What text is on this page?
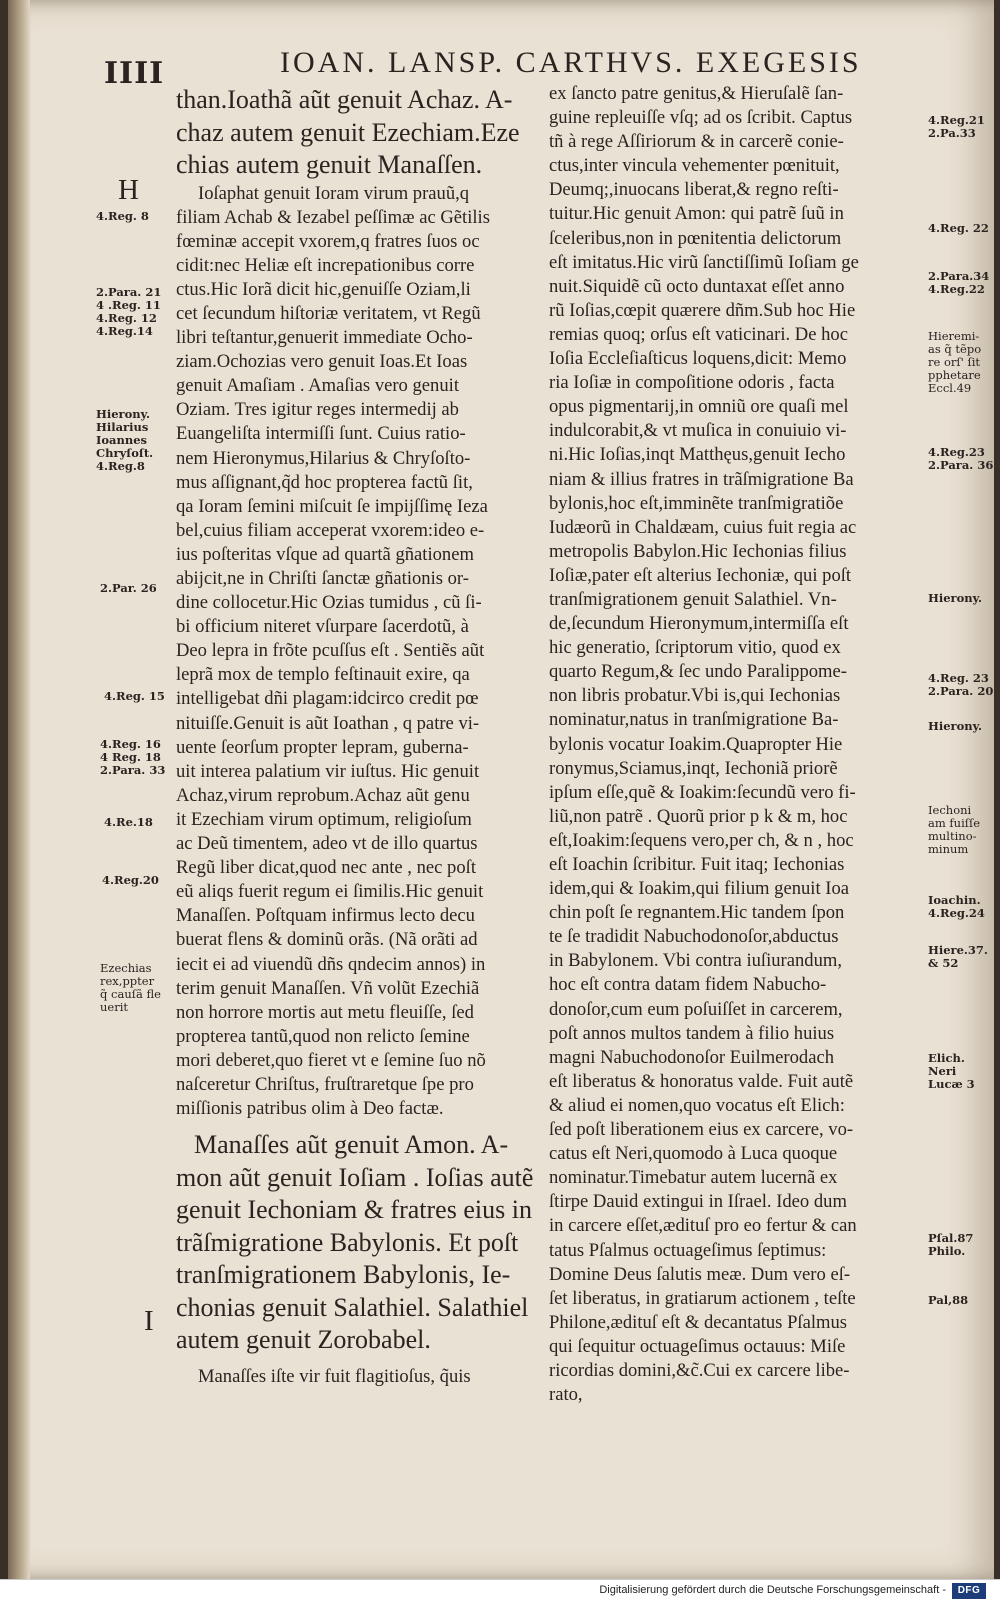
IIII	IOAN. LANSP. CARTHVS. EXEGESIS
H
I
than.Ioathã aũt genuit Achaz. A-
chaz autem genuit Ezechiam.Eze
chias autem genuit Manaſſen.
Ioſaphat genuit Ioram virum prauũ,q
filiam Achab & Iezabel peſſimæ ac Gẽtilis
fœminæ accepit vxorem,q fratres ſuos oc
cidit:nec Heliæ eſt increpationibus corre
ctus.Hic Iorã dicit hic,genuiſſe Oziam,li
cet ſecundum hiſtoriæ veritatem, vt Regũ
libri teſtantur,genuerit immediate Ocho-
ziam.Ochozias vero genuit Ioas.Et Ioas
genuit Amaſiam . Amaſias vero genuit
Oziam. Tres igitur reges intermedij ab
Euangeliſta intermiſſi ſunt. Cuius ratio-
nem Hieronymus,Hilarius & Chryſoſto-
mus aſſignant,q̃d hoc propterea factũ ſit,
qa Ioram ſemini miſcuit ſe impijſſimę Ieza
bel,cuius filiam acceperat vxorem:ideo e-
ius poſteritas vſque ad quartã gñationem
abijcit,ne in Chriſti ſanctæ gñationis or-
dine collocetur.Hic Ozias tumidus , cũ ſi-
bi officium niteret vſurpare ſacerdotũ, à
Deo lepra in frõte pcuſſus eſt . Sentiẽs aũt
leprã mox de templo feſtinauit exire, qa
intelligebat dñi plagam:idcirco credit pœ
nituiſſe.Genuit is aũt Ioathan , q patre vi-
uente ſeorſum propter lepram, guberna-
uit interea palatium vir iuſtus. Hic genuit
Achaz,virum reprobum.Achaz aũt genu
it Ezechiam virum optimum, religioſum
ac Deũ timentem, adeo vt de illo quartus
Regũ liber dicat,quod nec ante , nec poſt
eũ aliqs fuerit regum ei ſimilis.Hic genuit
Manaſſen. Poſtquam infirmus lecto decu
buerat flens & dominũ orãs. (Nã orãti ad
iecit ei ad viuendũ dñs qndecim annos) in
terim genuit Manaſſen. Vñ volũt Ezechiã
non horrore mortis aut metu fleuiſſe, ſed
propterea tantũ,quod non relicto ſemine
mori deberet,quo fieret vt e ſemine ſuo nõ
naſceretur Chriſtus, fruſtraretque ſpe pro
miſſionis patribus olim à Deo factæ.
Manaſſes aũt genuit Amon. A-
mon aũt genuit Ioſiam . Ioſias autẽ
genuit Iechoniam & fratres eius in
trãſmigratione Babylonis. Et poſt
tranſmigrationem Babylonis, Ie-
chonias genuit Salathiel. Salathiel
autem genuit Zorobabel.
Manaſſes iſte vir fuit flagitioſus, q̃uis
ex ſancto patre genitus,& Hieruſalẽ ſan-
guine repleuiſſe vſq; ad os ſcribit. Captus
tñ à rege Aſſiriorum & in carcerẽ conie-
ctus,inter vincula vehementer pœnituit,
Deumq;,inuocans liberat,& regno reſti-
tuitur.Hic genuit Amon: qui patrẽ ſuũ in
ſceleribus,non in pœnitentia delictorum
eſt imitatus.Hic virũ ſanctiſſimũ Ioſiam ge
nuit.Siquidẽ cũ octo duntaxat eſſet anno
rũ Ioſias,cœpit quærere dñm.Sub hoc Hie
remias quoq; orſus eſt vaticinari. De hoc
Ioſia Eccleſiaſticus loquens,dicit: Memo
ria Ioſiæ in compoſitione odoris , facta
opus pigmentarij,in omniũ ore quaſi mel
indulcorabit,& vt muſica in conuiuio vi-
ni.Hic Ioſias,inqt Matthęus,genuit Iecho
niam & illius fratres in trãſmigratione Ba
bylonis,hoc eſt,imminẽte tranſmigratiõe
Iudæorũ in Chaldæam, cuius fuit regia ac
metropolis Babylon.Hic Iechonias filius
Ioſiæ,pater eſt alterius Iechoniæ, qui poſt
tranſmigrationem genuit Salathiel. Vn-
de,ſecundum Hieronymum,intermiſſa eſt
hic generatio, ſcriptorum vitio, quod ex
quarto Regum,& ſec undo Paralippome-
non libris probatur.Vbi is,qui Iechonias
nominatur,natus in tranſmigratione Ba-
bylonis vocatur Ioakim.Quapropter Hie
ronymus,Sciamus,inqt, Iechoniã priorẽ
ipſum eſſe,quẽ & Ioakim:ſecundũ vero fi-
liũ,non patrẽ . Quorũ prior p k & m, hoc
eſt,Ioakim:ſequens vero,per ch, & n , hoc
eſt Ioachin ſcribitur. Fuit itaq; Iechonias
idem,qui & Ioakim,qui filium genuit Ioa
chin poſt ſe regnantem.Hic tandem ſpon
te ſe tradidit Nabuchodonoſor,abductus
in Babylonem. Vbi contra iuſiurandum,
hoc eſt contra datam fidem Nabucho-
donoſor,cum eum poſuiſſet in carcerem,
poſt annos multos tandem à filio huius
magni Nabuchodonoſor Euilmerodach
eſt liberatus & honoratus valde. Fuit autẽ
& aliud ei nomen,quo vocatus eſt Elich:
ſed poſt liberationem eius ex carcere, vo-
catus eſt Neri,quomodo à Luca quoque
nominatur.Timebatur autem lucernã ex
ſtirpe Dauid extingui in Iſrael. Ideo dum
in carcere eſſet,ædituſ pro eo fertur & can
tatus Pſalmus octuageſimus ſeptimus:
Domine Deus ſalutis meæ. Dum vero eſ-
ſet liberatus, in gratiarum actionem , teſte
Philone,ædituſ eſt & decantatus Pſalmus
qui ſequitur octuageſimus octauus: Miſe
ricordias domini,&c̃.Cui ex carcere libe-
rato,
4.Reg. 8
2.Para. 21
4 .Reg. 11
4.Reg. 12
4.Reg.14
Hierony.
Hilarius
Ioannes
Chryſoſt.
4.Reg.8
2.Par. 26
4.Reg. 15
4.Reg. 16
4 Reg. 18
2.Para. 33
4.Re.18
4.Reg.20
Ezechias
rex,ppter
q̃ cauſã fle
uerit
4.Reg.21
2.Pa.33
4.Reg. 22
2.Para.34
4.Reg.22
Hieremi-
as q̃ tẽpo
re orſ' ſit
pphetare
Eccl.49
4.Reg.23
2.Para. 36
Hierony.
4.Reg. 23
2.Para. 20
Hierony.
Iechoni
am fuiſſe
multino-
minum
Ioachin.
4.Reg.24
Hiere.37.
& 52
Elich.
Neri
Lucæ 3
Pſal.87
Philo.
Pal,88
Digitalisierung gefördert durch die Deutsche Forschungsgemeinschaft -	DFG
